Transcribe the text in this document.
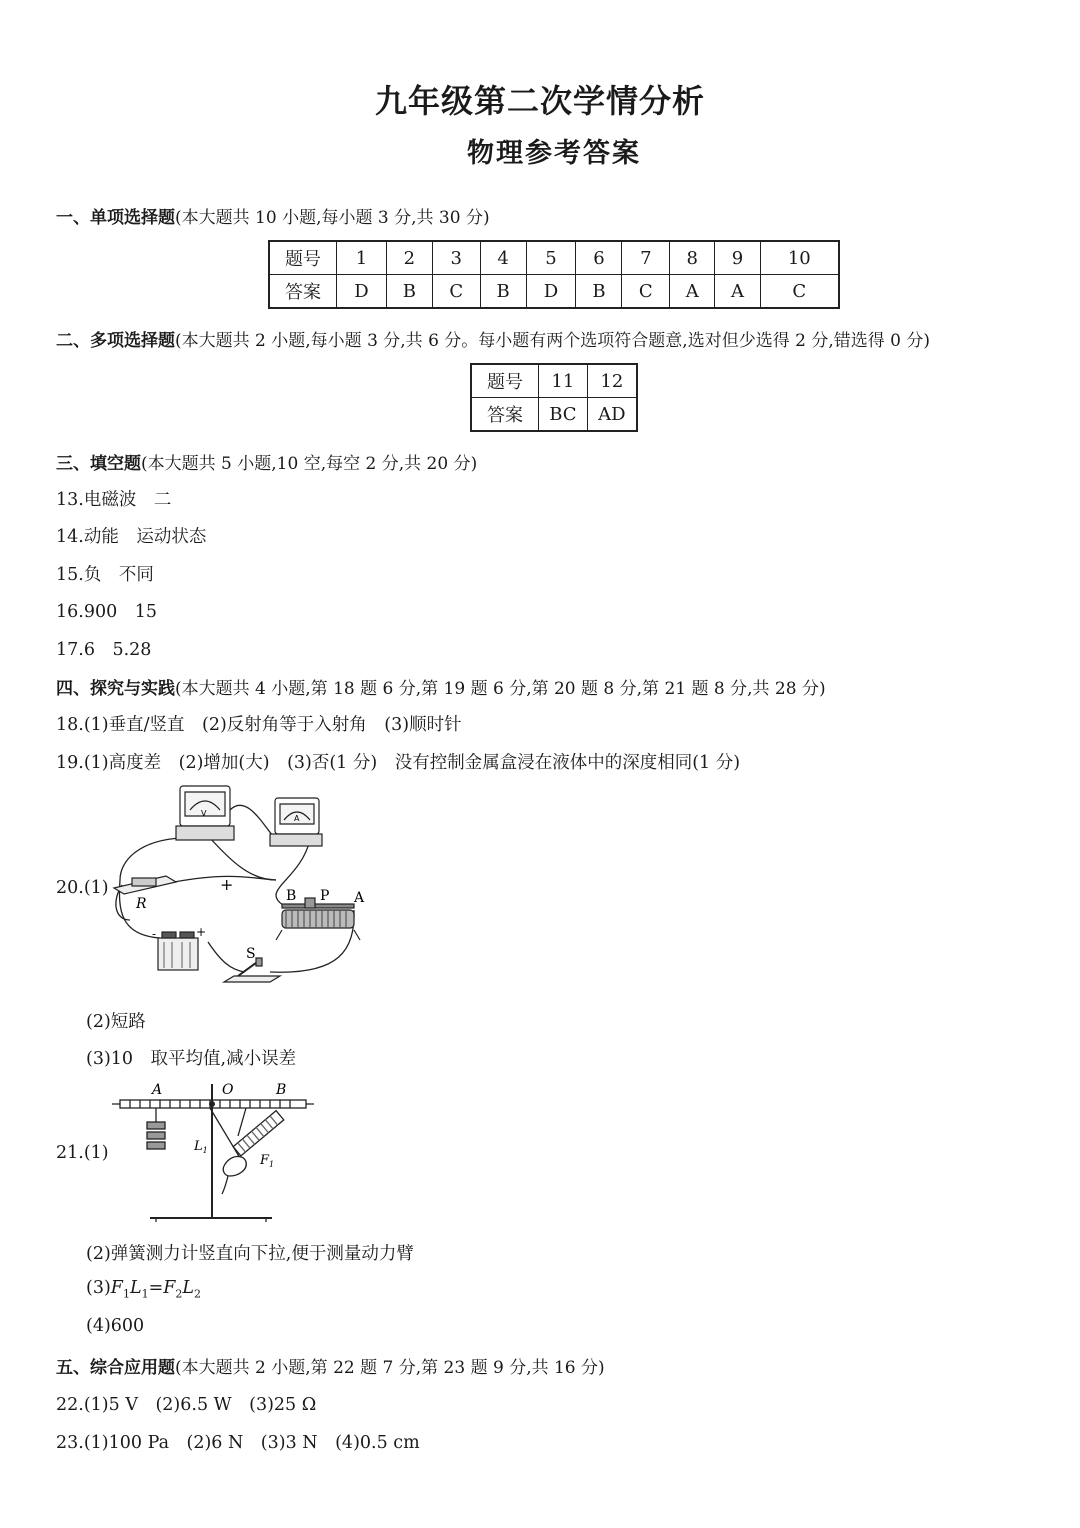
九年级第二次学情分析
物理参考答案
一、单项选择题(本大题共 10 小题,每小题 3 分,共 30 分)
题号	1	2	3	4	5	6	7	8	9	10
答案	D	B	C	B	D	B	C	A	A	C
二、多项选择题(本大题共 2 小题,每小题 3 分,共 6 分。每小题有两个选项符合题意,选对但少选得 2 分,错选得 0 分)
题号	11	12
答案	BC	AD
三、填空题(本大题共 5 小题,10 空,每空 2 分,共 20 分)
13.电磁波　二
14.动能　运动状态
15.负　不同
16.900　15
17.6　5.28
四、探究与实践(本大题共 4 小题,第 18 题 6 分,第 19 题 6 分,第 20 题 8 分,第 21 题 8 分,共 28 分)
18.(1)垂直/竖直　(2)反射角等于入射角　(3)顺时针
19.(1)高度差　(2)增加(大)　(3)否(1 分)　没有控制金属盒浸在液体中的深度相同(1 分)
20.(1)
V
A
R
+
B P A
-	+
S
(2)短路
(3)10　取平均值,减小误差
21.(1)
A	O	B
$L_1$
$F_1$
(2)弹簧测力计竖直向下拉,便于测量动力臂
$(3)F_1L_1=F_2L_2$
(4)600
五、综合应用题(本大题共 2 小题,第 22 题 7 分,第 23 题 9 分,共 16 分)
22.(1)5 V　(2)6.5 W　(3)25 Ω
23.(1)100 Pa　(2)6 N　(3)3 N　(4)0.5 cm
